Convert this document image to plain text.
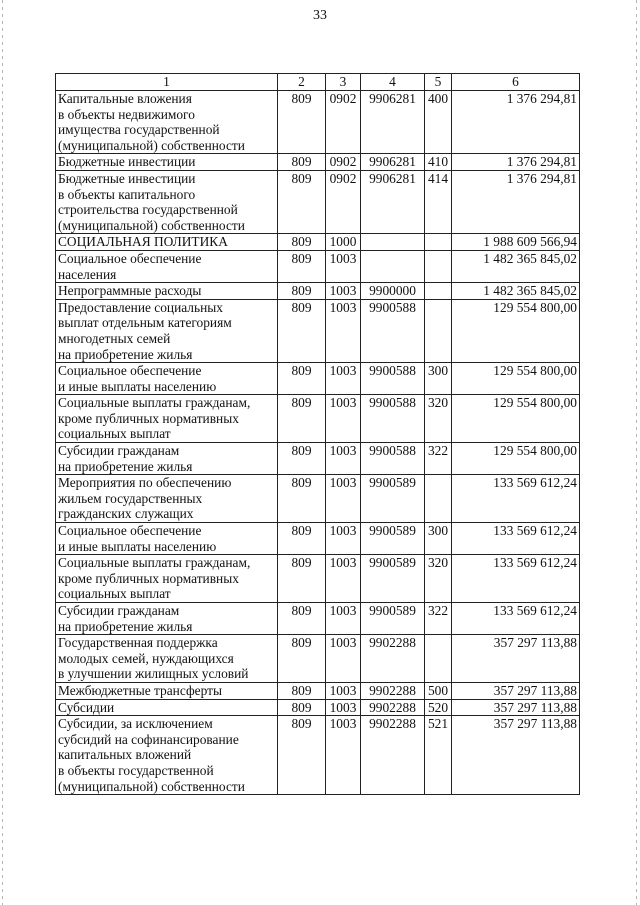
33
1	2	3	4	5	6
Капитальные вложения
в объекты недвижимого
имущества государственной
(муниципальной) собственности	809	0902	9906281	400	1 376 294,81
Бюджетные инвестиции	809	0902	9906281	410	1 376 294,81
Бюджетные инвестиции
в объекты капитального
строительства государственной
(муниципальной) собственности	809	0902	9906281	414	1 376 294,81
СОЦИАЛЬНАЯ ПОЛИТИКА	809	1000			1 988 609 566,94
Социальное обеспечение
населения	809	1003			1 482 365 845,02
Непрограммные расходы	809	1003	9900000		1 482 365 845,02
Предоставление социальных
выплат отдельным категориям
многодетных семей
на приобретение жилья	809	1003	9900588		129 554 800,00
Социальное обеспечение
и иные выплаты населению	809	1003	9900588	300	129 554 800,00
Социальные выплаты гражданам,
кроме публичных нормативных
социальных выплат	809	1003	9900588	320	129 554 800,00
Субсидии гражданам
на приобретение жилья	809	1003	9900588	322	129 554 800,00
Мероприятия по обеспечению
жильем государственных
гражданских служащих	809	1003	9900589		133 569 612,24
Социальное обеспечение
и иные выплаты населению	809	1003	9900589	300	133 569 612,24
Социальные выплаты гражданам,
кроме публичных нормативных
социальных выплат	809	1003	9900589	320	133 569 612,24
Субсидии гражданам
на приобретение жилья	809	1003	9900589	322	133 569 612,24
Государственная поддержка
молодых семей, нуждающихся
в улучшении жилищных условий	809	1003	9902288		357 297 113,88
Межбюджетные трансферты	809	1003	9902288	500	357 297 113,88
Субсидии	809	1003	9902288	520	357 297 113,88
Субсидии, за исключением
субсидий на софинансирование
капитальных вложений
в объекты государственной
(муниципальной) собственности	809	1003	9902288	521	357 297 113,88
